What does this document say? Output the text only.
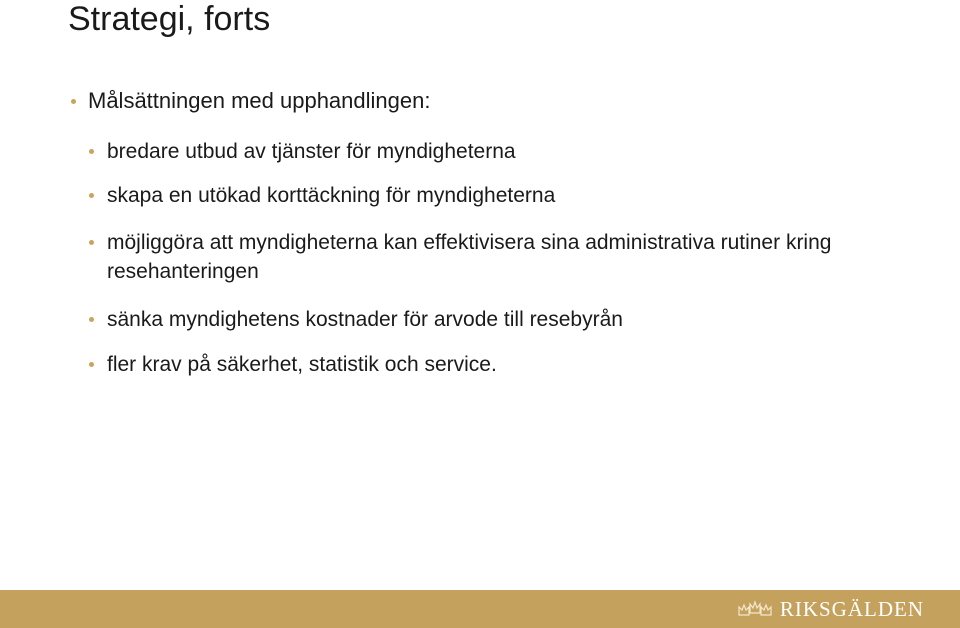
Strategi, forts
Målsättningen med upphandlingen:
bredare utbud av tjänster för myndigheterna
skapa en utökad korttäckning för myndigheterna
möjliggöra att myndigheterna kan effektivisera sina administrativa rutiner kring resehanteringen
sänka myndighetens kostnader för arvode till resebyrån
fler krav på säkerhet, statistik och service.
RIKSGÄLDEN
